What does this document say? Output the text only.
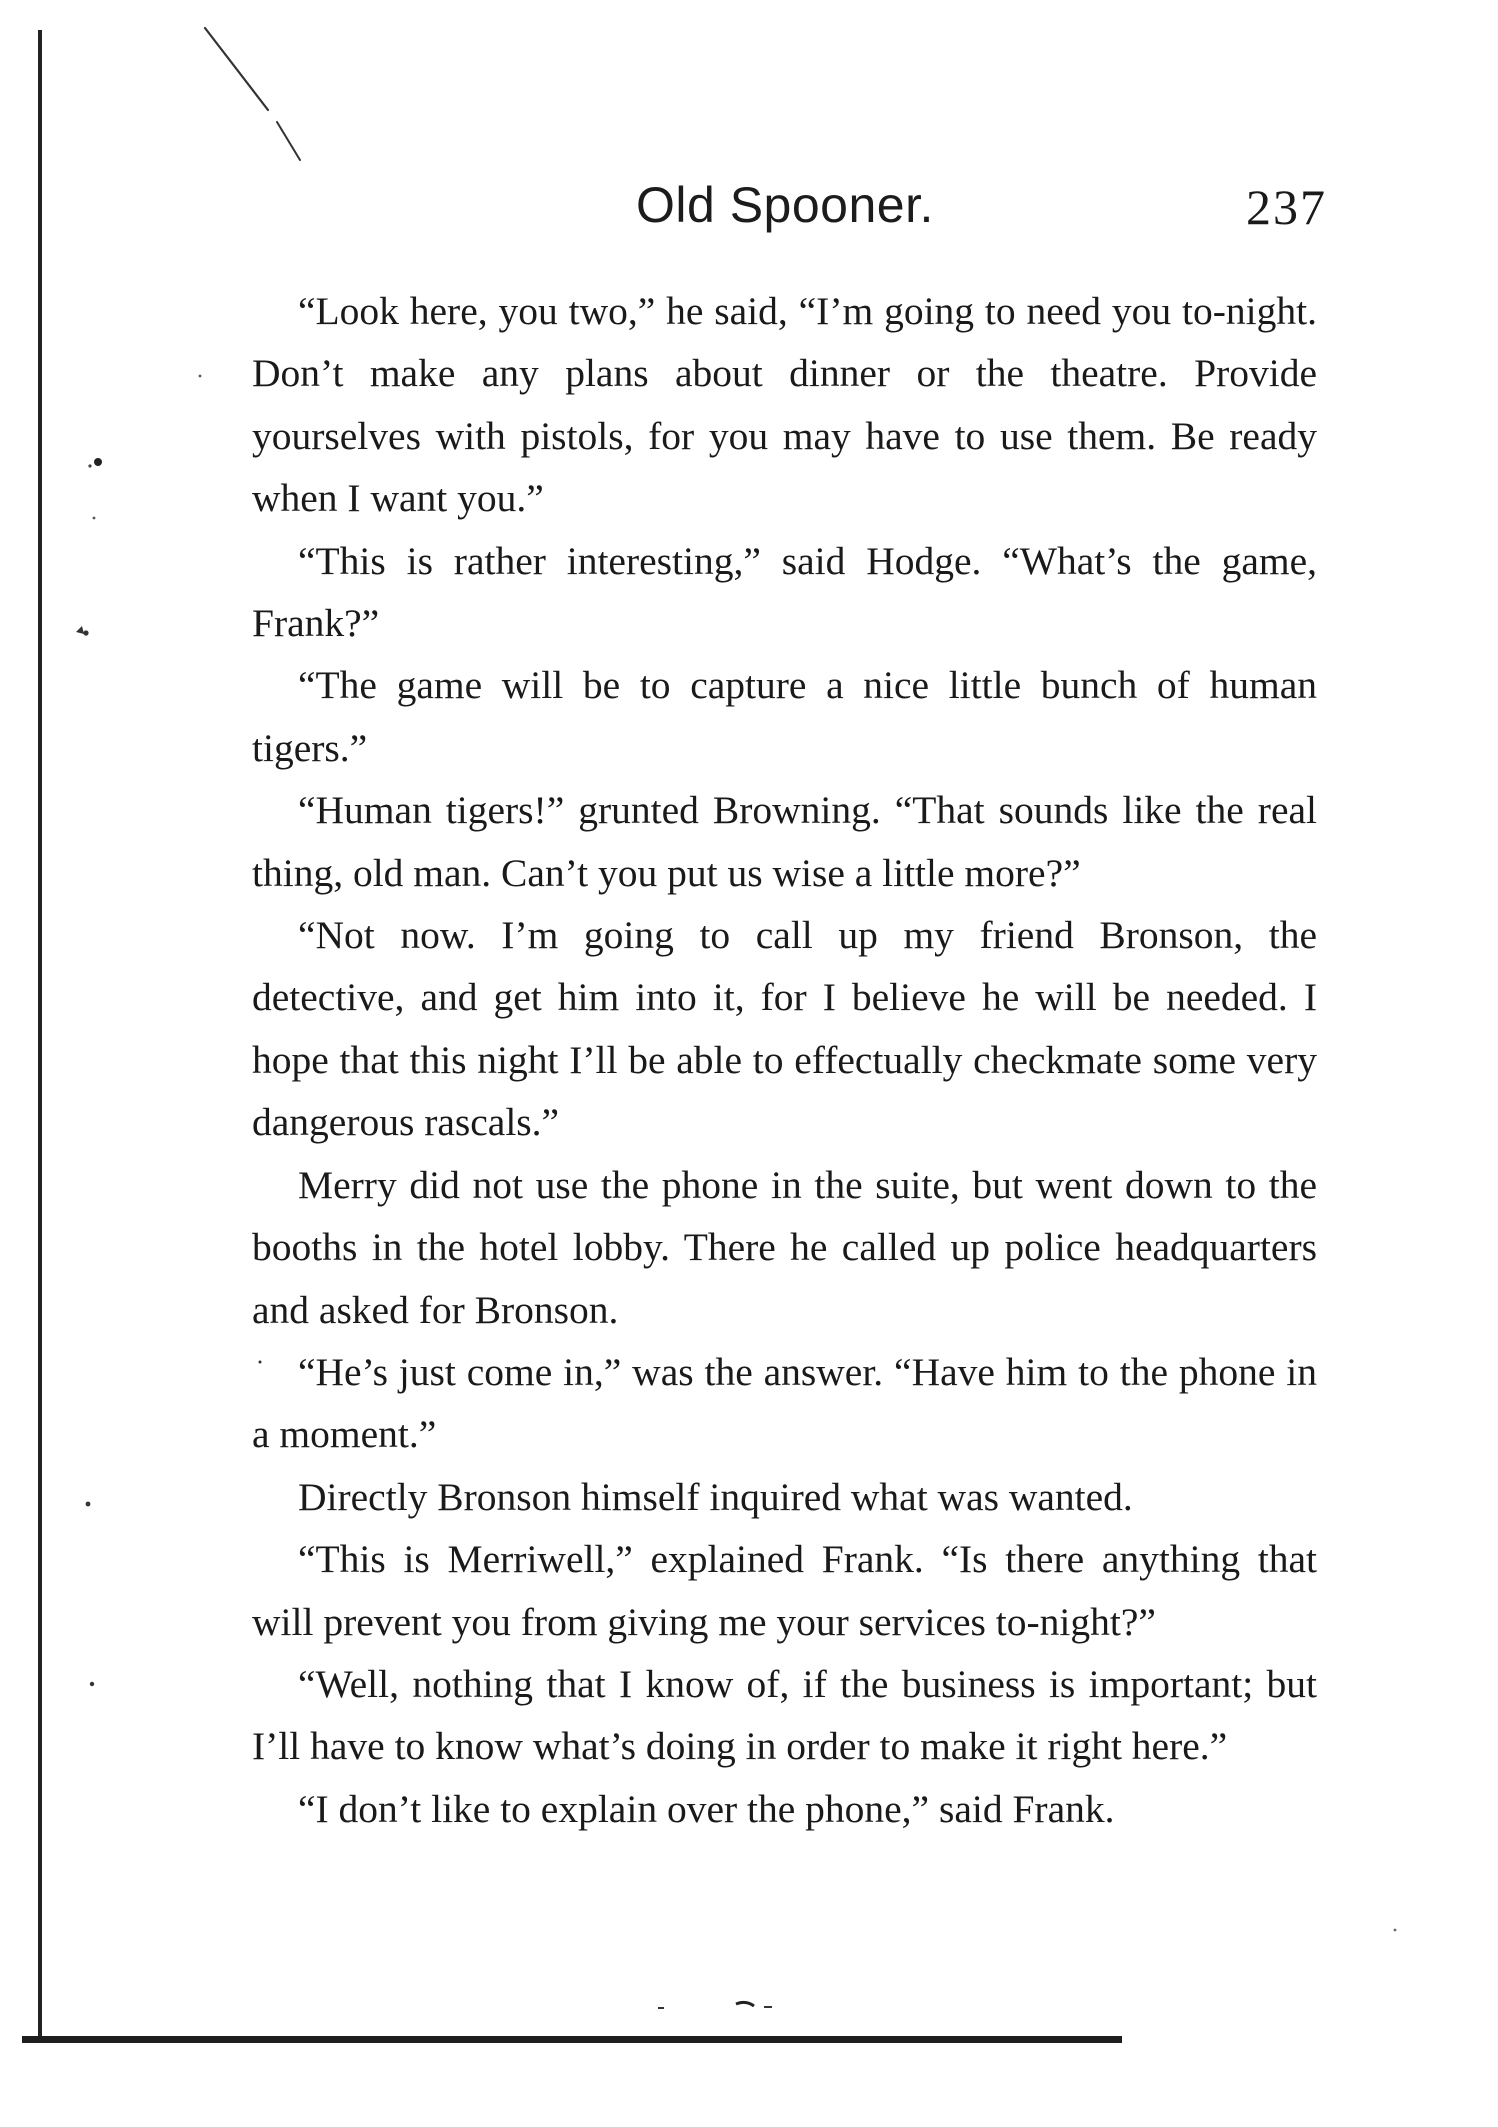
Old Spooner.	237

“Look here, you two,” he said, “I’m going to need you to-night. Don’t make any plans about dinner or the theatre. Provide yourselves with pistols, for you may have to use them. Be ready when I want you.”

“This is rather interesting,” said Hodge. “What’s the game, Frank?”

“The game will be to capture a nice little bunch of human tigers.”

“Human tigers!” grunted Browning. “That sounds like the real thing, old man. Can’t you put us wise a little more?”

“Not now. I’m going to call up my friend Bronson, the detective, and get him into it, for I believe he will be needed. I hope that this night I’ll be able to effectually checkmate some very dangerous rascals.”

Merry did not use the phone in the suite, but went down to the booths in the hotel lobby. There he called up police headquarters and asked for Bronson.

“He’s just come in,” was the answer. “Have him to the phone in a moment.”

Directly Bronson himself inquired what was wanted.

“This is Merriwell,” explained Frank. “Is there anything that will prevent you from giving me your services to-night?”

“Well, nothing that I know of, if the business is important; but I’ll have to know what’s doing in order to make it right here.”

“I don’t like to explain over the phone,” said Frank.
